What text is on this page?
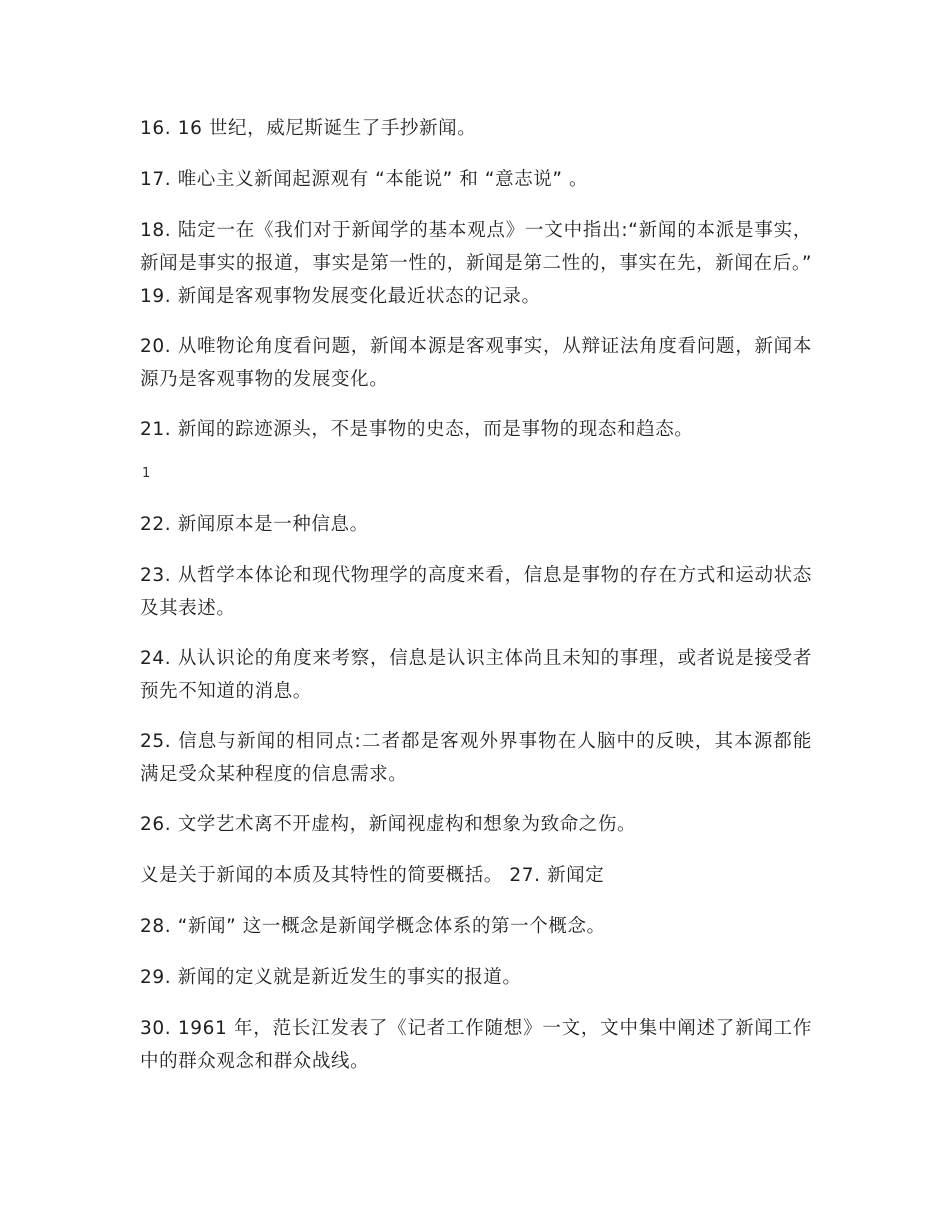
16. 16 世纪，威尼斯诞生了手抄新闻。

17. 唯心主义新闻起源观有 “本能说” 和 “意志说” 。

18. 陆定一在《我们对于新闻学的基本观点》一文中指出:“新闻的本派是事实，新闻是事实的报道，事实是第一性的，新闻是第二性的，事实在先，新闻在后。” 19. 新闻是客观事物发展变化最近状态的记录。

20. 从唯物论角度看问题，新闻本源是客观事实，从辩证法角度看问题，新闻本源乃是客观事物的发展变化。

21. 新闻的踪迹源头，不是事物的史态，而是事物的现态和趋态。

1

22. 新闻原本是一种信息。

23. 从哲学本体论和现代物理学的高度来看，信息是事物的存在方式和运动状态及其表述。

24. 从认识论的角度来考察，信息是认识主体尚且未知的事理，或者说是接受者预先不知道的消息。

25. 信息与新闻的相同点:二者都是客观外界事物在人脑中的反映，其本源都能满足受众某种程度的信息需求。

26. 文学艺术离不开虚构，新闻视虚构和想象为致命之伤。

义是关于新闻的本质及其特性的简要概括。 27. 新闻定

28. “新闻” 这一概念是新闻学概念体系的第一个概念。

29. 新闻的定义就是新近发生的事实的报道。

30. 1961 年，范长江发表了《记者工作随想》一文，文中集中阐述了新闻工作中的群众观念和群众战线。
